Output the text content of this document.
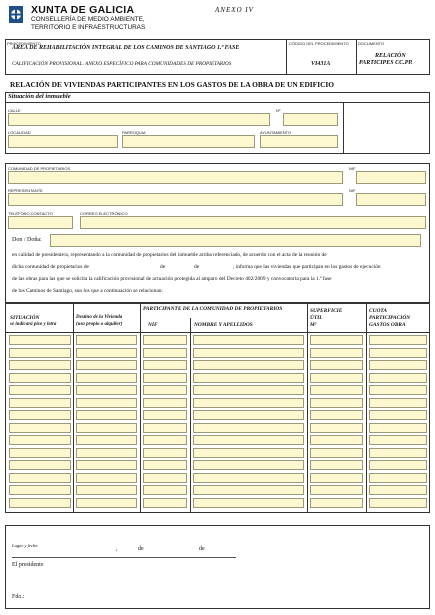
XUNTA DE GALICIA
CONSELLERÍA DE MEDIO AMBIENTE,
TERRITORIO E INFRAESTRUCTURAS
ANEXO IV
PROCEDIMIENTO
ÁREA DE REHABILITACIÓN INTEGRAL DE LOS CAMINOS DE SANTIAGO 1.ª FASE
CALIFICACIÓN PROVISIONAL. ANEXO ESPECÍFICO PARA COMUNIDADES DE PROPIETARIOS
CÓDIGO DEL PROCEDIMIENTO
VI431A
DOCUMENTO
RELACIÓN
PARTICIPES CC.PP.
RELACIÓN DE VIVIENDAS PARTICIPANTES EN LOS GASTOS DE LA OBRA DE UN EDIFICIO
Situación del inmueble
CALLE	Nº
LOCALIDAD	PARROQUIA	AYUNTAMIENTO
COMUNIDAD DE PROPIETARIOS	NIF
REPRESENTANTE	NIF
TELÉFONO CONTACTO	CORREO ELECTRÓNICO
Don / Doña:
en calidad de presidente/a, representando a la comunidad de propietarios del inmueble arriba referenciado, de acuerdo con el acta de la reunión de
dicha comunidad de propietarios de	de	de	, informa que las viviendas que participan en los gastos de ejecución
de las obras para las que se solicita la calificación provisional de actuación protegida al amparo del Decreto 402/2009 y convocatoria para la 1.ª fase
de los Caminos de Santiago, son los que a continuación se relacionan:
SITUACIÓN
se indicará piso y letra
Destino de la Vivienda
(uso propio o alquiler)
PARTICIPANTE DE LA COMUNIDAD DE PROPIETARIOS
NIF	NOMBRE Y APELLIDOS
SUPERFICIE
ÚTIL
M²
CUOTA
PARTICIPACIÓN
GASTOS OBRA
Lugar y fecha
,	de	de
El presidente
Fdo.:
